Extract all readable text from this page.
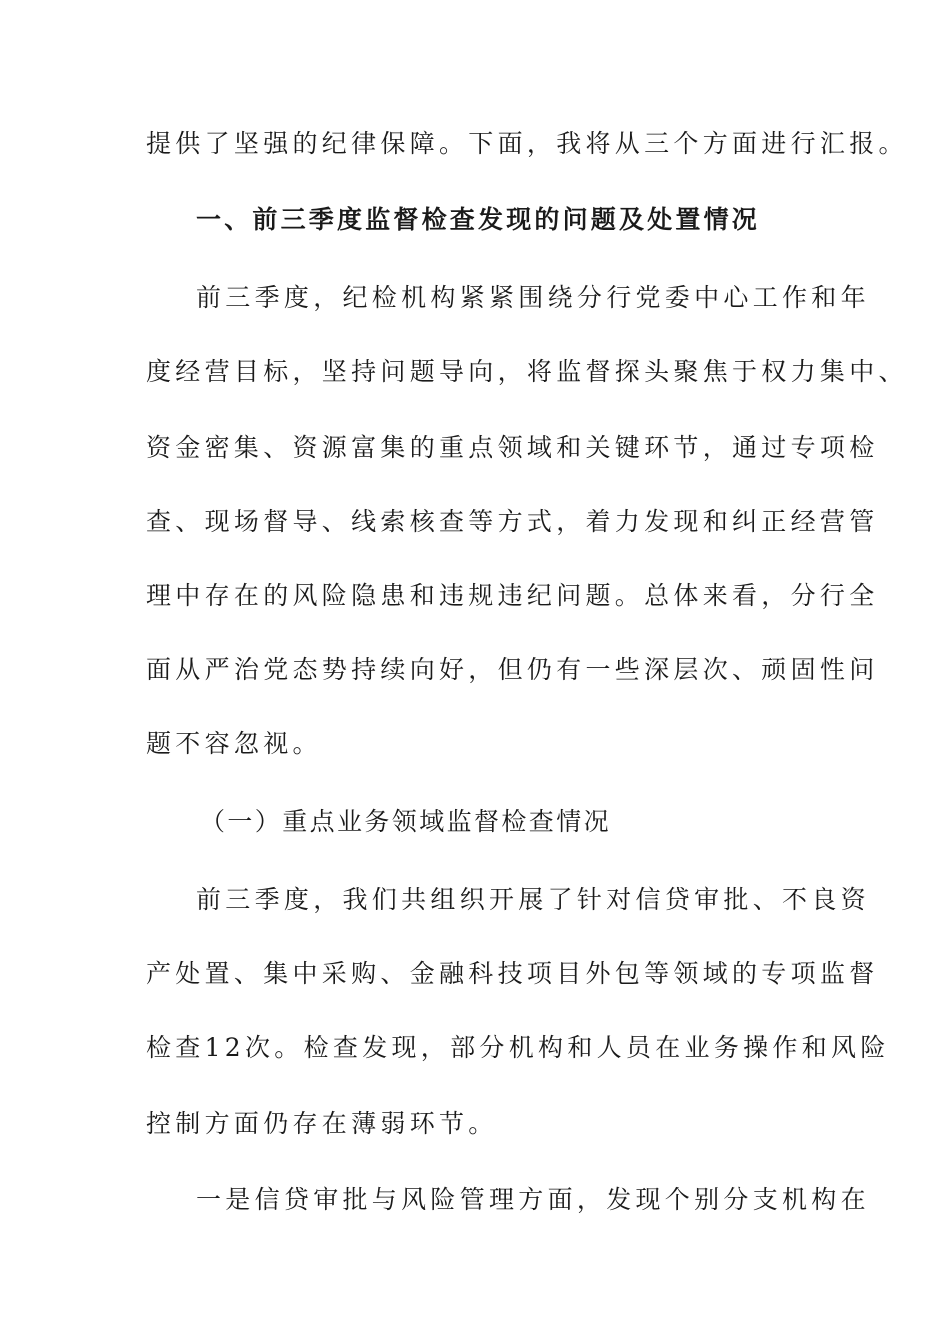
提供了坚强的纪律保障。下面，我将从三个方面进行汇报。
一、前三季度监督检查发现的问题及处置情况
前三季度，纪检机构紧紧围绕分行党委中心工作和年
度经营目标，坚持问题导向，将监督探头聚焦于权力集中、
资金密集、资源富集的重点领域和关键环节，通过专项检
查、现场督导、线索核查等方式，着力发现和纠正经营管
理中存在的风险隐患和违规违纪问题。总体来看，分行全
面从严治党态势持续向好，但仍有一些深层次、顽固性问
题不容忽视。
（一）重点业务领域监督检查情况
前三季度，我们共组织开展了针对信贷审批、不良资
产处置、集中采购、金融科技项目外包等领域的专项监督
检查12次。检查发现，部分机构和人员在业务操作和风险
控制方面仍存在薄弱环节。
一是信贷审批与风险管理方面，发现个别分支机构在
